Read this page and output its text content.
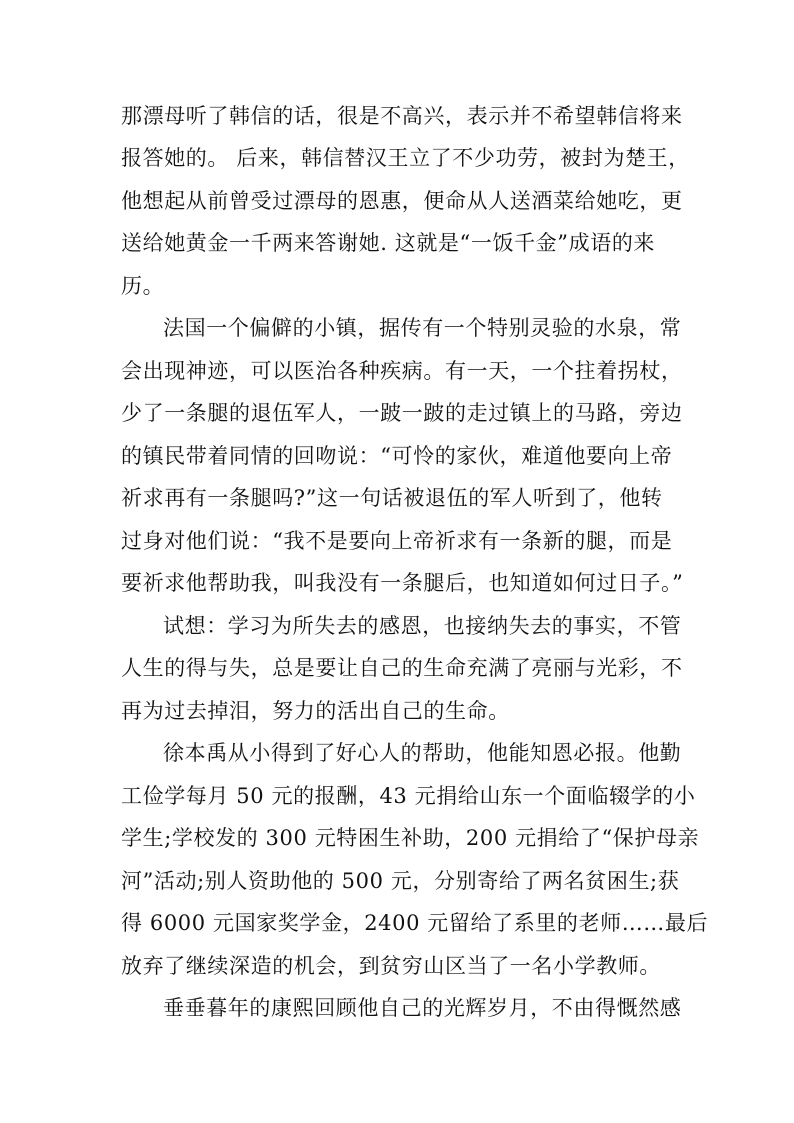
那漂母听了韩信的话，很是不高兴，表示并不希望韩信将来
报答她的。 后来，韩信替汉王立了不少功劳，被封为楚王，
他想起从前曾受过漂母的恩惠，便命从人送酒菜给她吃，更
送给她黄金一千两来答谢她. 这就是“一饭千金”成语的来
历。
法国一个偏僻的小镇，据传有一个特别灵验的水泉，常
会出现神迹，可以医治各种疾病。有一天，一个拄着拐杖，
少了一条腿的退伍军人，一跛一跛的走过镇上的马路，旁边
的镇民带着同情的回吻说：“可怜的家伙，难道他要向上帝
祈求再有一条腿吗?”这一句话被退伍的军人听到了，他转
过身对他们说：“我不是要向上帝祈求有一条新的腿，而是
要祈求他帮助我，叫我没有一条腿后，也知道如何过日子。”
试想：学习为所失去的感恩，也接纳失去的事实，不管
人生的得与失，总是要让自己的生命充满了亮丽与光彩，不
再为过去掉泪，努力的活出自己的生命。
徐本禹从小得到了好心人的帮助，他能知恩必报。他勤
工俭学每月 50 元的报酬，43 元捐给山东一个面临辍学的小
学生;学校发的 300 元特困生补助，200 元捐给了“保护母亲
河”活动;别人资助他的 500 元，分别寄给了两名贫困生;获
得 6000 元国家奖学金，2400 元留给了系里的老师……最后
放弃了继续深造的机会，到贫穷山区当了一名小学教师。
垂垂暮年的康熙回顾他自己的光辉岁月，不由得慨然感
